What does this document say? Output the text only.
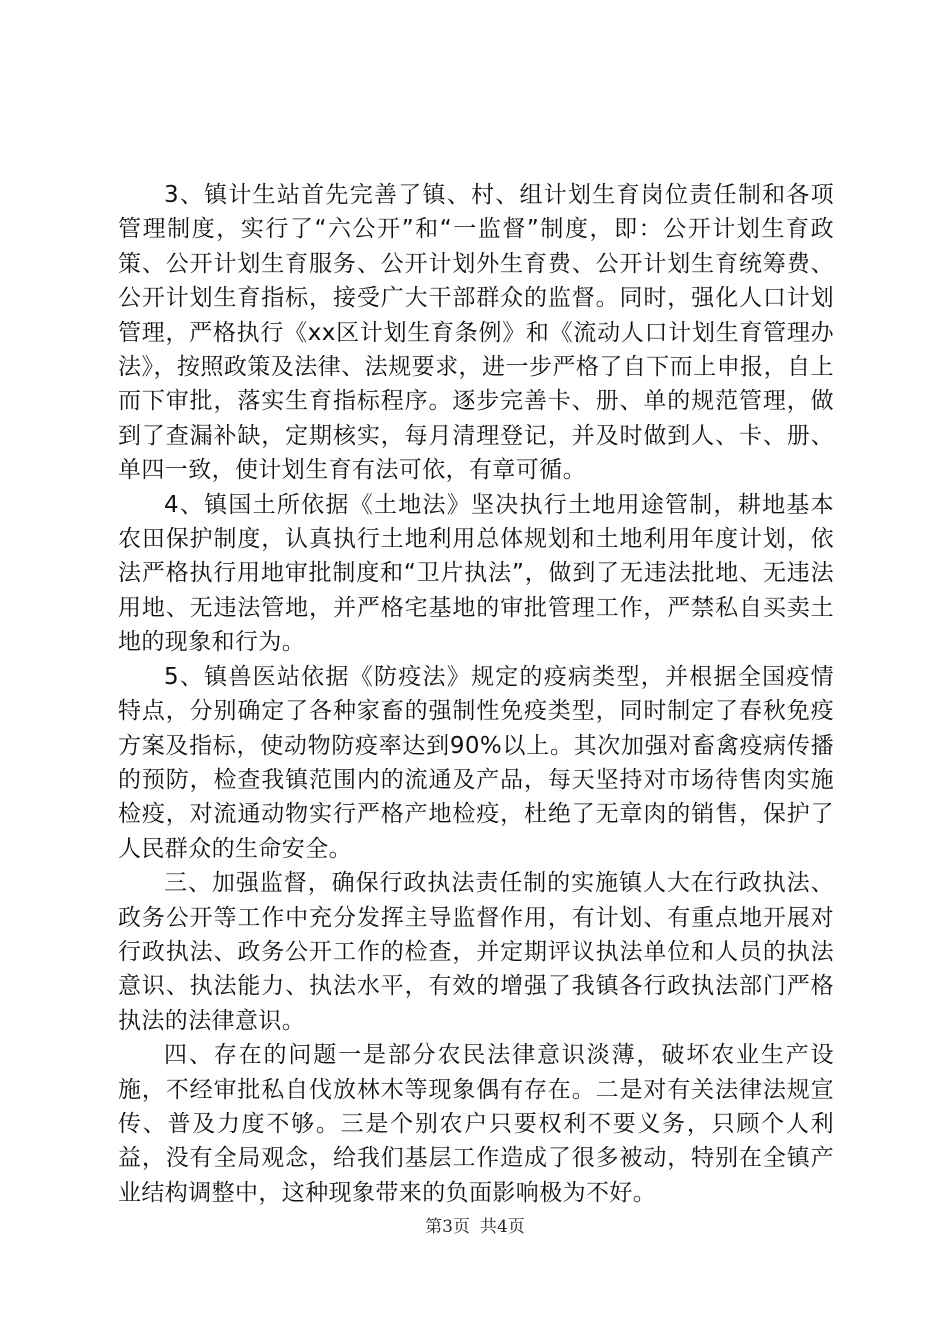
3、镇计生站首先完善了镇、村、组计划生育岗位责任制和各项管理制度，实行了“六公开”和“一监督”制度，即：公开计划生育政策、公开计划生育服务、公开计划外生育费、公开计划生育统筹费、公开计划生育指标，接受广大干部群众的监督。同时，强化人口计划管理，严格执行《xx区计划生育条例》和《流动人口计划生育管理办法》，按照政策及法律、法规要求，进一步严格了自下而上申报，自上而下审批，落实生育指标程序。逐步完善卡、册、单的规范管理，做到了查漏补缺，定期核实，每月清理登记，并及时做到人、卡、册、单四一致，使计划生育有法可依，有章可循。

4、镇国土所依据《土地法》坚决执行土地用途管制，耕地基本农田保护制度，认真执行土地利用总体规划和土地利用年度计划，依法严格执行用地审批制度和“卫片执法”，做到了无违法批地、无违法用地、无违法管地，并严格宅基地的审批管理工作，严禁私自买卖土地的现象和行为。

5、镇兽医站依据《防疫法》规定的疫病类型，并根据全国疫情特点，分别确定了各种家畜的强制性免疫类型，同时制定了春秋免疫方案及指标，使动物防疫率达到90%以上。其次加强对畜禽疫病传播的预防，检查我镇范围内的流通及产品，每天坚持对市场待售肉实施检疫，对流通动物实行严格产地检疫，杜绝了无章肉的销售，保护了人民群众的生命安全。

三、加强监督，确保行政执法责任制的实施镇人大在行政执法、政务公开等工作中充分发挥主导监督作用，有计划、有重点地开展对行政执法、政务公开工作的检查，并定期评议执法单位和人员的执法意识、执法能力、执法水平，有效的增强了我镇各行政执法部门严格执法的法律意识。

四、存在的问题一是部分农民法律意识淡薄，破坏农业生产设施，不经审批私自伐放林木等现象偶有存在。二是对有关法律法规宣传、普及力度不够。三是个别农户只要权利不要义务，只顾个人利益，没有全局观念，给我们基层工作造成了很多被动，特别在全镇产业结构调整中，这种现象带来的负面影响极为不好。

第3页 共4页
